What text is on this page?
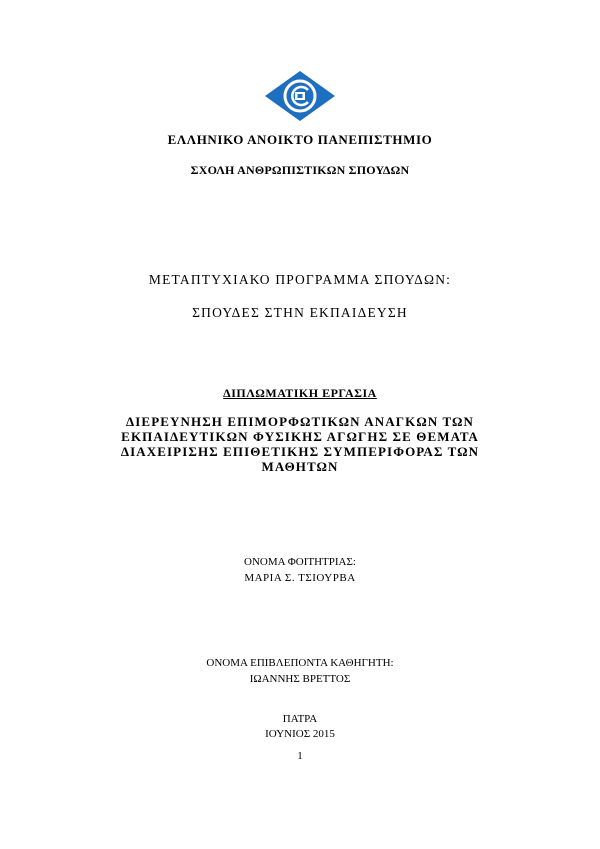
ΕΛΛΗΝΙΚΟ ΑΝΟΙΚΤΟ ΠΑΝΕΠΙΣΤΗΜΙΟ
ΣΧΟΛΗ ΑΝΘΡΩΠΙΣΤΙΚΩΝ ΣΠΟΥΔΩΝ
ΜΕΤΑΠΤΥΧΙΑΚΟ ΠΡΟΓΡΑΜΜΑ ΣΠΟΥΔΩΝ:
ΣΠΟΥΔΕΣ ΣΤΗΝ ΕΚΠΑΙΔΕΥΣΗ
ΔΙΠΛΩΜΑΤΙΚΗ ΕΡΓΑΣΙΑ
ΔΙΕΡΕΥΝΗΣΗ ΕΠΙΜΟΡΦΩΤΙΚΩΝ ΑΝΑΓΚΩΝ ΤΩΝ
ΕΚΠΑΙΔΕΥΤΙΚΩΝ ΦΥΣΙΚΗΣ ΑΓΩΓΗΣ ΣΕ ΘΕΜΑΤΑ
ΔΙΑΧΕΙΡΙΣΗΣ ΕΠΙΘΕΤΙΚΗΣ ΣΥΜΠΕΡΙΦΟΡΑΣ ΤΩΝ
ΜΑΘΗΤΩΝ
ΟΝΟΜΑ ΦΟΙΤΗΤΡΙΑΣ:
ΜΑΡΙΑ Σ. ΤΣΙΟΥΡΒΑ
ΟΝΟΜΑ ΕΠΙΒΛΕΠΟΝΤΑ ΚΑΘΗΓΗΤΗ:
ΙΩΑΝΝΗΣ ΒΡΕΤΤΟΣ
ΠΑΤΡΑ
ΙΟΥΝΙΟΣ 2015
1
